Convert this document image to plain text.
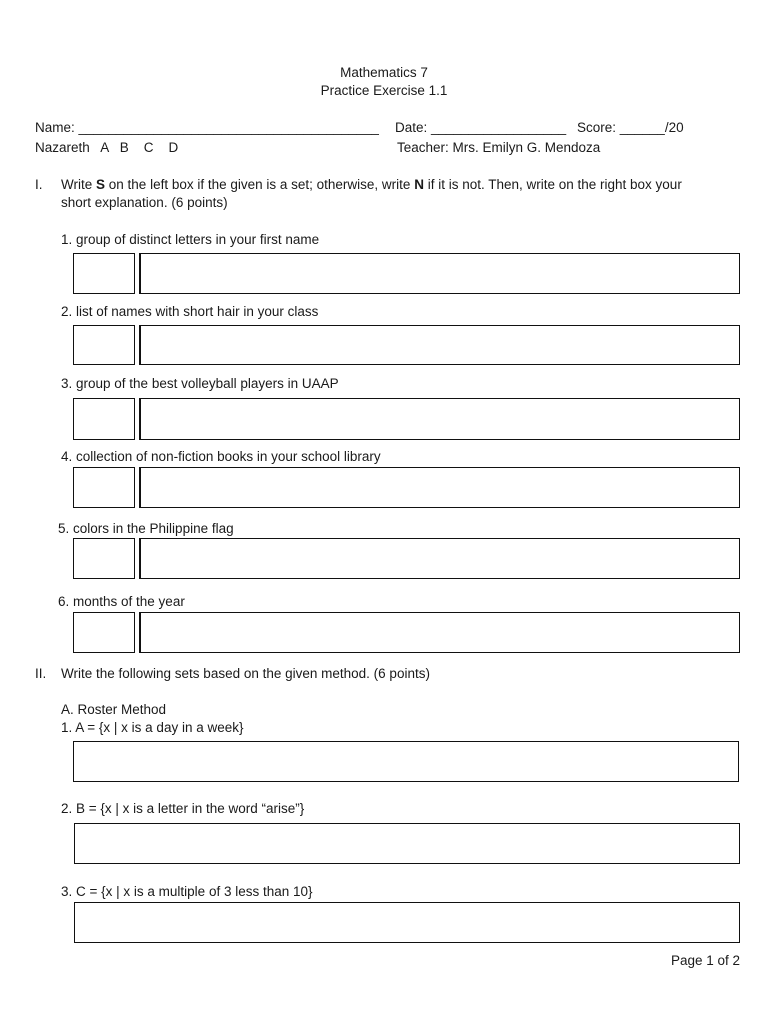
Mathematics 7
Practice Exercise 1.1
Name: ________________________________________ Date: __________________ Score: ______/20
Nazareth   A   B    C    D	Teacher: Mrs. Emilyn G. Mendoza
I. Write S on the left box if the given is a set; otherwise, write N if it is not. Then, write on the right box your
short explanation. (6 points)
1. group of distinct letters in your first name
2. list of names with short hair in your class
3. group of the best volleyball players in UAAP
4. collection of non-fiction books in your school library
5. colors in the Philippine flag
6. months of the year
II. Write the following sets based on the given method. (6 points)
A. Roster Method
1. A = {x | x is a day in a week}
2. B = {x | x is a letter in the word “arise”}
3. C = {x | x is a multiple of 3 less than 10}
Page 1 of 2
